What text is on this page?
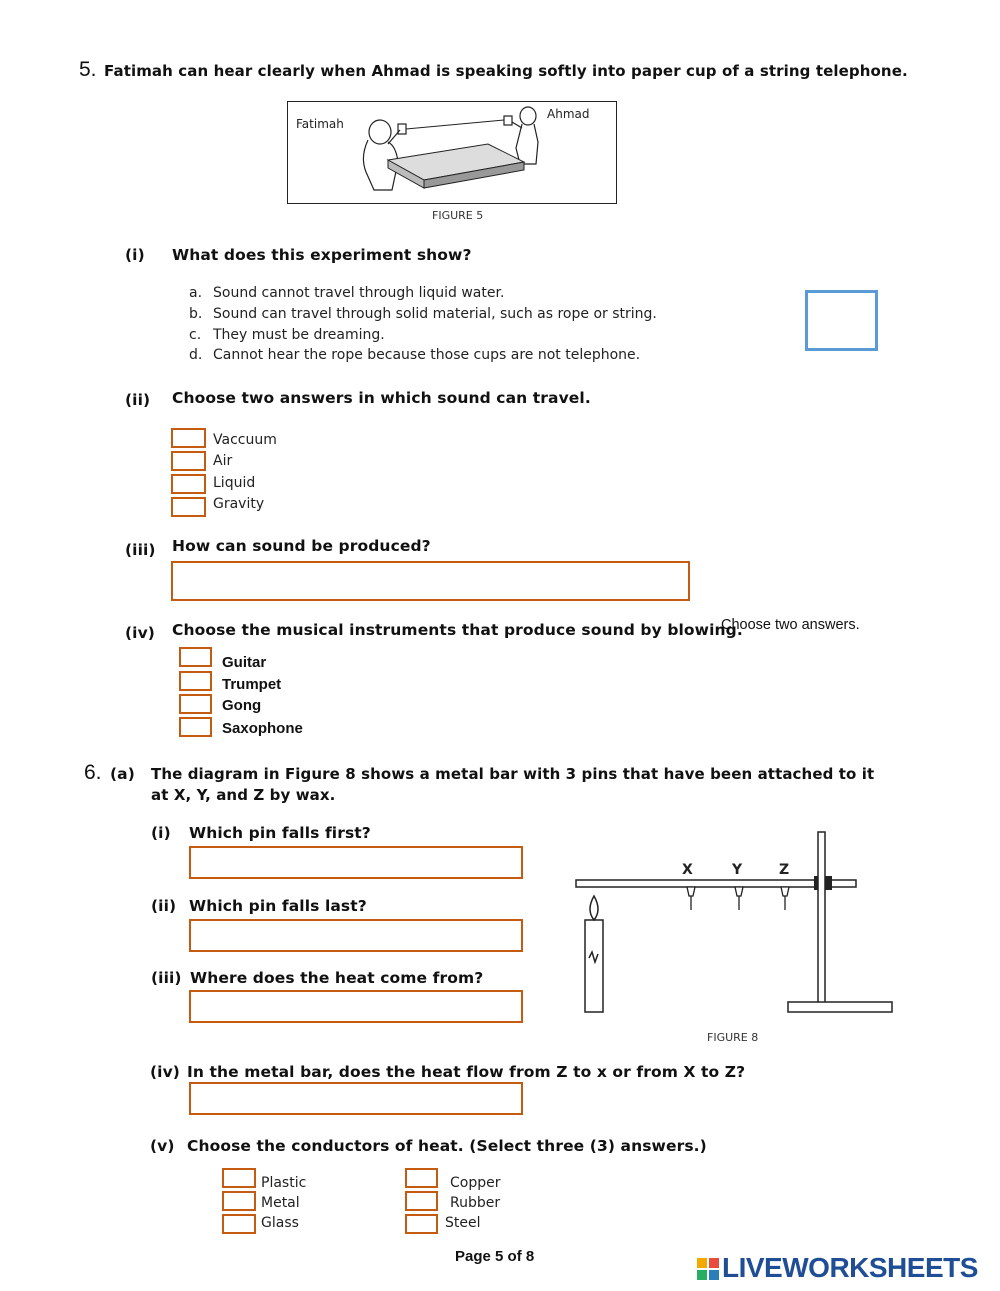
5. Fatimah can hear clearly when Ahmad is speaking softly into paper cup of a string telephone.
Fatimah
Ahmad
FIGURE 5
(i) What does this experiment show?
a. Sound cannot travel through liquid water.
b. Sound can travel through solid material, such as rope or string.
c. They must be dreaming.
d. Cannot hear the rope because those cups are not telephone.
(ii) Choose two answers in which sound can travel.
Vaccuum
Air
Liquid
Gravity
(iii) How can sound be produced?
(iv) Choose the musical instruments that produce sound by blowing.
Choose two answers.
Guitar
Trumpet
Gong
Saxophone
6. (a) The diagram in Figure 8 shows a metal bar with 3 pins that have been attached to it
at X, Y, and Z by wax.
(i) Which pin falls first?
(ii) Which pin falls last?
(iii) Where does the heat come from?
X	Y	Z
FIGURE 8
(iv) In the metal bar, does the heat flow from Z to x or from X to Z?
(v) Choose the conductors of heat. (Select three (3) answers.)
Plastic
Metal
Glass
Copper
Rubber
Steel
Page 5 of 8	LIVEWORKSHEETS
